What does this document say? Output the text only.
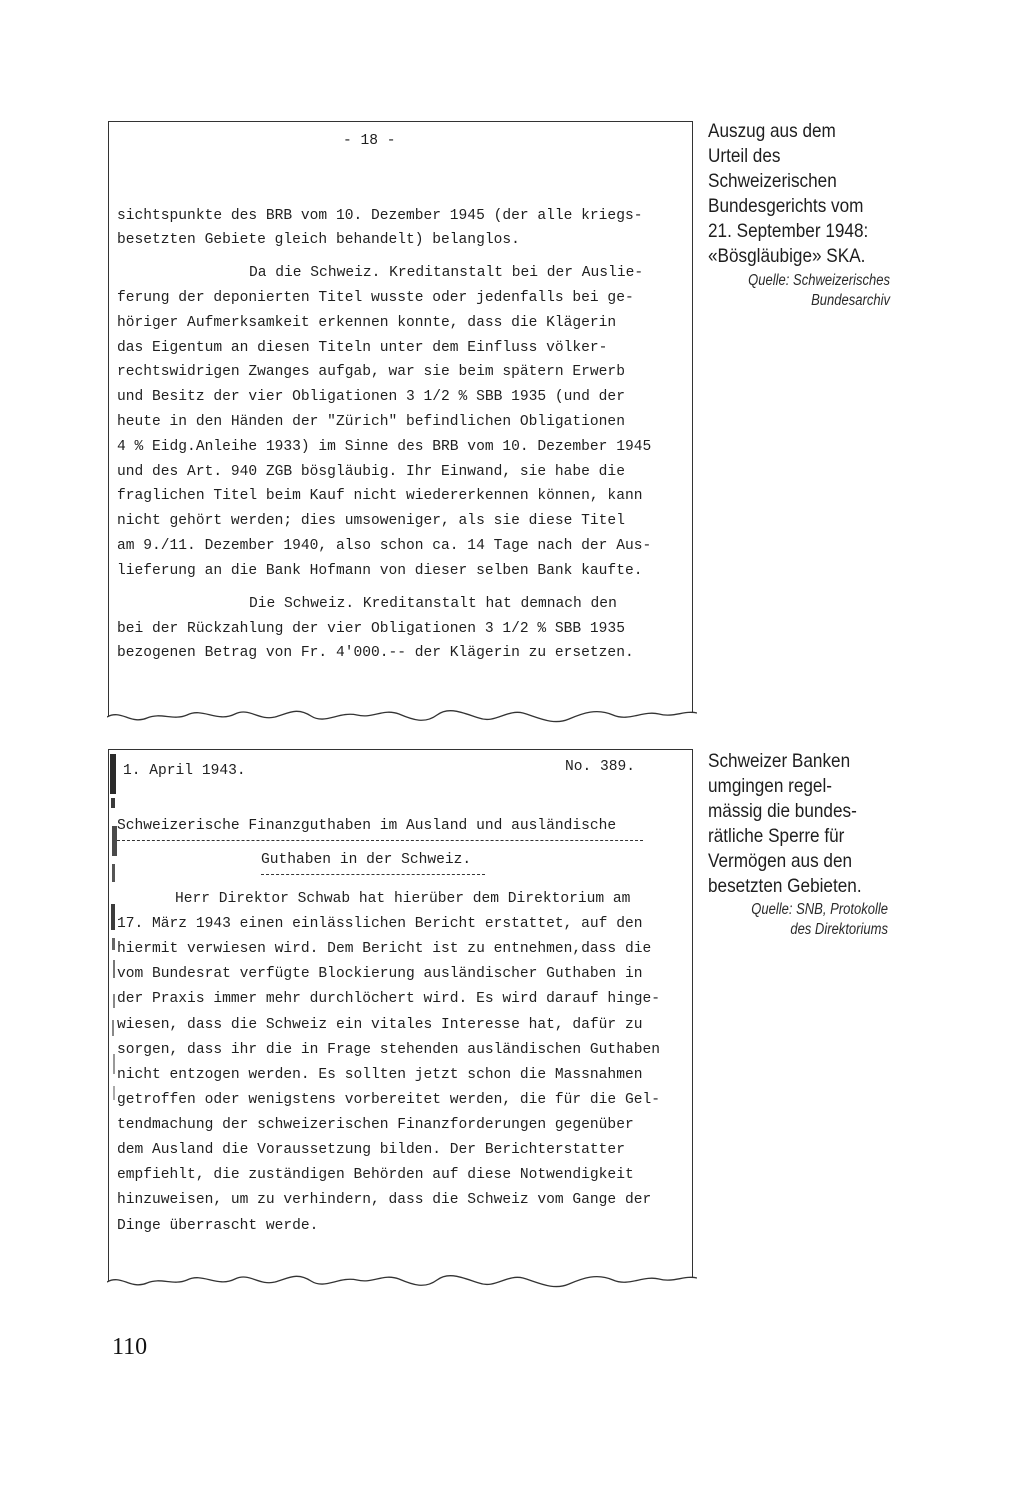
- 18 -
sichtspunkte des BRB vom 10. Dezember 1945 (der alle kriegs-
besetzten Gebiete gleich behandelt) belanglos.
Da die Schweiz. Kreditanstalt bei der Auslie-
ferung der deponierten Titel wusste oder jedenfalls bei ge-
höriger Aufmerksamkeit erkennen konnte, dass die Klägerin
das Eigentum an diesen Titeln unter dem Einfluss völker-
rechtswidrigen Zwanges aufgab, war sie beim spätern Erwerb
und Besitz der vier Obligationen 3 1/2 % SBB 1935 (und der
heute in den Händen der "Zürich" befindlichen Obligationen
4 % Eidg.Anleihe 1933) im Sinne des BRB vom 10. Dezember 1945
und des Art. 940 ZGB bösgläubig. Ihr Einwand, sie habe die
fraglichen Titel beim Kauf nicht wiedererkennen können, kann
nicht gehört werden; dies umsoweniger, als sie diese Titel
am 9./11. Dezember 1940, also schon ca. 14 Tage nach der Aus-
lieferung an die Bank Hofmann von dieser selben Bank kaufte.
Die Schweiz. Kreditanstalt hat demnach den
bei der Rückzahlung der vier Obligationen 3 1/2 % SBB 1935
bezogenen Betrag von Fr. 4'000.-- der Klägerin zu ersetzen.
Auszug aus dem
Urteil des
Schweizerischen
Bundesgerichts vom
21. September 1948:
«Bösgläubige» SKA.
Quelle: Schweizerisches
Bundesarchiv
1. April 1943.	No. 389.
Schweizerische Finanzguthaben im Ausland und ausländische
Guthaben in der Schweiz.
Herr Direktor Schwab hat hierüber dem Direktorium am
17. März 1943 einen einlässlichen Bericht erstattet, auf den
hiermit verwiesen wird. Dem Bericht ist zu entnehmen,dass die
vom Bundesrat verfügte Blockierung ausländischer Guthaben in
der Praxis immer mehr durchlöchert wird. Es wird darauf hinge-
wiesen, dass die Schweiz ein vitales Interesse hat, dafür zu
sorgen, dass ihr die in Frage stehenden ausländischen Guthaben
nicht entzogen werden. Es sollten jetzt schon die Massnahmen
getroffen oder wenigstens vorbereitet werden, die für die Gel-
tendmachung der schweizerischen Finanzforderungen gegenüber
dem Ausland die Voraussetzung bilden. Der Berichterstatter
empfiehlt, die zuständigen Behörden auf diese Notwendigkeit
hinzuweisen, um zu verhindern, dass die Schweiz vom Gange der
Dinge überrascht werde.
Schweizer Banken
umgingen regel-
mässig die bundes-
rätliche Sperre für
Vermögen aus den
besetzten Gebieten.
Quelle: SNB, Protokolle
des Direktoriums
110
